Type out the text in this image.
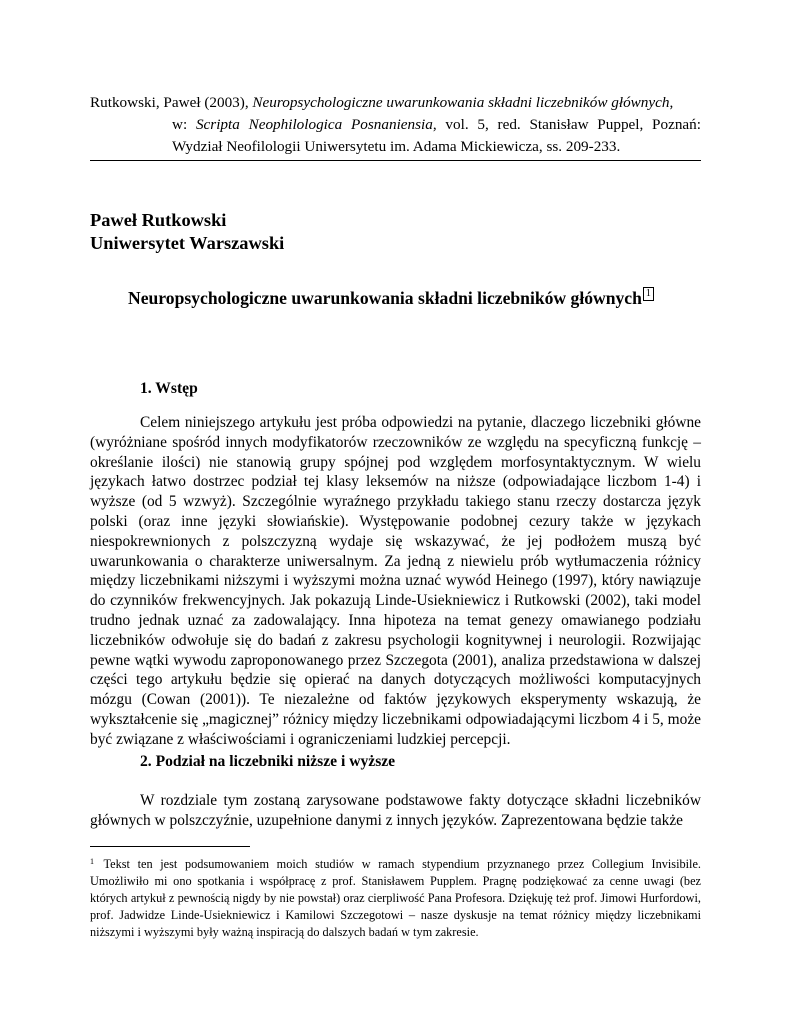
Rutkowski, Paweł (2003), Neuropsychologiczne uwarunkowania składni liczebników głównych,
w: Scripta Neophilologica Posnaniensia, vol. 5, red. Stanisław Puppel, Poznań: Wydział Neofilologii Uniwersytetu im. Adama Mickiewicza, ss. 209-233.
Paweł Rutkowski
Uniwersytet Warszawski
Neuropsychologiczne uwarunkowania składni liczebników głównych 1
1. Wstęp

Celem niniejszego artykułu jest próba odpowiedzi na pytanie, dlaczego liczebniki główne (wyróżniane spośród innych modyfikatorów rzeczowników ze względu na specyficzną funkcję – określanie ilości) nie stanowią grupy spójnej pod względem morfosyntaktycznym. W wielu językach łatwo dostrzec podział tej klasy leksemów na niższe (odpowiadające liczbom 1-4) i wyższe (od 5 wzwyż). Szczególnie wyraźnego przykładu takiego stanu rzeczy dostarcza język polski (oraz inne języki słowiańskie). Występowanie podobnej cezury także w językach niespokrewnionych z polszczyzną wydaje się wskazywać, że jej podłożem muszą być uwarunkowania o charakterze uniwersalnym. Za jedną z niewielu prób wytłumaczenia różnicy między liczebnikami niższymi i wyższymi można uznać wywód Heinego (1997), który nawiązuje do czynników frekwencyjnych. Jak pokazują Linde-Usiekniewicz i Rutkowski (2002), taki model trudno jednak uznać za zadowalający. Inna hipoteza na temat genezy omawianego podziału liczebników odwołuje się do badań z zakresu psychologii kognitywnej i neurologii. Rozwijając pewne wątki wywodu zaproponowanego przez Szczegota (2001), analiza przedstawiona w dalszej części tego artykułu będzie się opierać na danych dotyczących możliwości komputacyjnych mózgu (Cowan (2001)). Te niezależne od faktów językowych eksperymenty wskazują, że wykształcenie się „magicznej” różnicy między liczebnikami odpowiadającymi liczbom 4 i 5, może być związane z właściwościami i ograniczeniami ludzkiej percepcji.

2. Podział na liczebniki niższe i wyższe

W rozdziale tym zostaną zarysowane podstawowe fakty dotyczące składni liczebników głównych w polszczyźnie, uzupełnione danymi z innych języków. Zaprezentowana będzie także

$^1$ Tekst ten jest podsumowaniem moich studiów w ramach stypendium przyznanego przez Collegium Invisibile. Umożliwiło mi ono spotkania i współpracę z prof. Stanisławem Pupplem. Pragnę podziękować za cenne uwagi (bez których artykuł z pewnością nigdy by nie powstał) oraz cierpliwość Pana Profesora. Dziękuję też prof. Jimowi Hurfordowi, prof. Jadwidze Linde-Usiekniewicz i Kamilowi Szczegotowi – nasze dyskusje na temat różnicy między liczebnikami niższymi i wyższymi były ważną inspiracją do dalszych badań w tym zakresie.
